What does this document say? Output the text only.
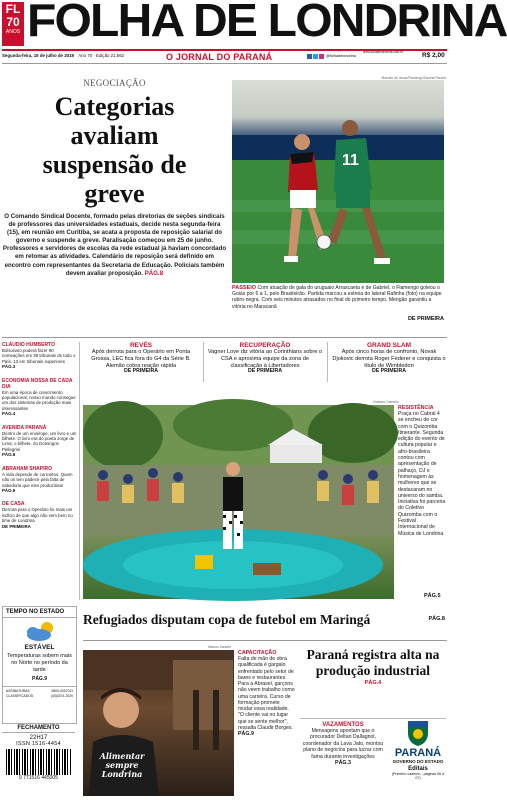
FL
70
ANOS FOLHA DE LONDRINA
Segunda-feira, 15 de julho de 2019 Ano 70 · Edição 21.562	O JORNAL DO PARANÁ	@folhadelondrina
www.folhadelondrina.com.br	R$ 2,00
NEGOCIAÇÃO
Categorias avaliam suspensão de greve
O Comando Sindical Docente, formado pelas diretorias de seções sindicais de professores das universidades estaduais, decide nesta segunda-feira (15), em reunião em Curitiba, se acata a proposta de reposição salarial do governo e suspende a greve. Paralisação começou em 25 de junho. Professores e servidores de escolas da rede estadual já haviam concordado em retomar as atividades. Calendário de reposição será definido em encontro com representantes da Secretaria de Educação. Policiais também devem avaliar proposição. PÁG.8
Marcelo de Jesus/Flamengo/Gazeta Paraná
11
PASSEIO Com atuação de gala do uruguaio Arrascaeta e de Gabriel, o Flamengo goleou o Goiás por 6 a 1, pelo Brasileirão. Partida marcou a estreia do lateral Rafinha (foto) na equipe rubro-negra. Com seis minutos atrasados no final do primeiro tempo, Mengão garantiu a vitória no Maracanã
DE PRIMEIRA
CLÁUDIO HUMBERTO
Bolsonaro poderá fazer 90 nomeações em 39 tribunais de todo o País, 13 em tribunais superiores
PÁG.3
ECONOMIA NOSSA DE CADA DIA
Em uma época de crescimento populacional, nosso mundo consegue um dos sistemas de produção mais interessantes
PÁG.4
AVENIDA PARANÁ
Dentro de um envelope, um livro e um bilhete. O livro era do poeta Jorge de Lima; o bilhete, do Domingos Pellegrini
PÁG.6
ABRAHAM SHAPIRO
A vida depende de conceitos. Quem não os tem padece pela falta de sabedoria que eles produziriam
PÁG.9
DE CASA
Derrota para o Operário foi mais um indício de que algo não vem bem no time de Londrina
DE PRIMEIRA
REVÉS
Após derrota para o Operário em Ponta Grossa, LEC fica fora do G4 da Série B. Alemão cobra reação rápida
DE PRIMEIRA
RECUPERAÇÃO
Vagner Love diz vitória ao Corinthians sobre o CSA e aproxima equipe da zona de classificação à Libertadores
DE PRIMEIRA
GRAND SLAM
Após cinco horas de confronto, Novak Djokovic derrota Roger Federer e conquista o título de Wimbledon
DE PRIMEIRA
Gustavo Carneiro
RESISTÊNCIA
Praça no Cabral 4 se encheu de cor com o Quizomba Itinerante. Segunda edição do evento de cultura popular e afro-brasileira contou com apresentação de palhaço, DJ e homenagem às mulheres que se destacaram no universo do samba. Iniciativa foi parceria do Coletivo Quizomba com o Festival Internacional de Música de Londrina
PÁG.5
TEMPO NO ESTADO
ESTÁVEL
Temperaturas sobem mais no Norte no período da tarde
PÁG.9
ASSINATURAS	0800-4007011
CLASSIFICADOS	(43)3374-2020
FECHAMENTO
22H17
ISSN 1516-4454
9 771516 445005
Refugiados disputam copa de futebol em Maringá	PÁG.8
Marcos Zanutto
Alimentar sempre Londrina
CAPACITAÇÃO
Falta de mão de obra qualificada é gargalo enfrentado pelo setor de bares e restaurantes. Para a Abrasel, garçons não veem trabalho como uma carreira. Curso de formação promete mudar essa realidade. "O cliente vai no lugar que se sente melhor", ressalta Claudir Borges.
PÁG.9
Paraná registra alta na produção industrial
PÁG.4
VAZAMENTOS
Mensagens apontam que o procurador Deltan Dallagnol, coordenador da Lava Jato, montou plano de negócios para lucrar com fama durante investigações
PÁG.3
PARANÁ
GOVERNO DO ESTADO
Editais
(Primeiro caderno - páginas 06 a 07)
